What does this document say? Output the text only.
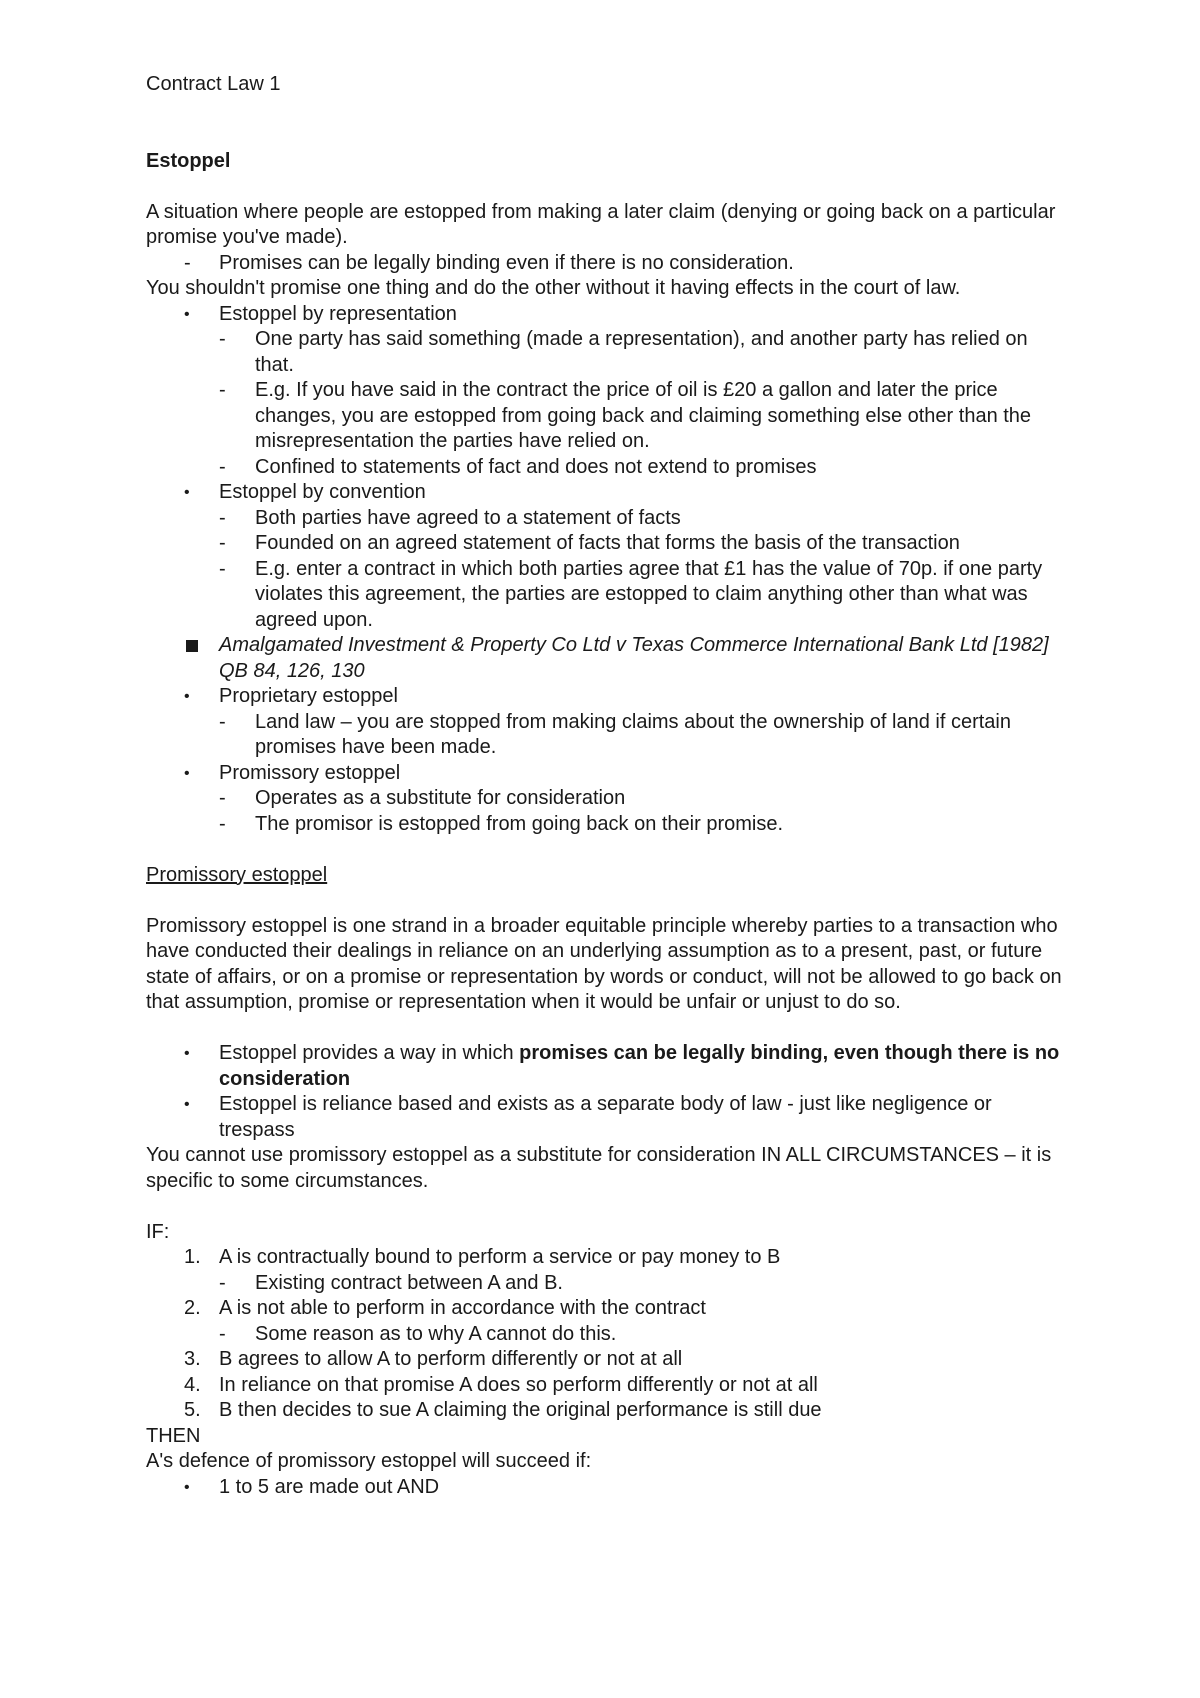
Contract Law 1

Estoppel

A situation where people are estopped from making a later claim (denying or going back on a particular promise you've made).

- Promises can be legally binding even if there is no consideration.

You shouldn't promise one thing and do the other without it having effects in the court of law.

• Estoppel by representation
- One party has said something (made a representation), and another party has relied on that.
- E.g. If you have said in the contract the price of oil is £20 a gallon and later the price changes, you are estopped from going back and claiming something else other than the misrepresentation the parties have relied on.
- Confined to statements of fact and does not extend to promises
• Estoppel by convention
- Both parties have agreed to a statement of facts
- Founded on an agreed statement of facts that forms the basis of the transaction
- E.g. enter a contract in which both parties agree that £1 has the value of 70p. if one party violates this agreement, the parties are estopped to claim anything other than what was agreed upon.
Amalgamated Investment & Property Co Ltd v Texas Commerce International Bank Ltd [1982] QB 84, 126, 130
• Proprietary estoppel
- Land law – you are stopped from making claims about the ownership of land if certain promises have been made.
• Promissory estoppel
- Operates as a substitute for consideration
- The promisor is estopped from going back on their promise.

Promissory estoppel

Promissory estoppel is one strand in a broader equitable principle whereby parties to a transaction who have conducted their dealings in reliance on an underlying assumption as to a present, past, or future state of affairs, or on a promise or representation by words or conduct, will not be allowed to go back on that assumption, promise or representation when it would be unfair or unjust to do so.

• Estoppel provides a way in which promises can be legally binding, even though there is no consideration
• Estoppel is reliance based and exists as a separate body of law - just like negligence or trespass

You cannot use promissory estoppel as a substitute for consideration IN ALL CIRCUMSTANCES – it is specific to some circumstances.

IF:

1. A is contractually bound to perform a service or pay money to B
- Existing contract between A and B.
2. A is not able to perform in accordance with the contract
- Some reason as to why A cannot do this.
3. B agrees to allow A to perform differently or not at all
4. In reliance on that promise A does so perform differently or not at all
5. B then decides to sue A claiming the original performance is still due

THEN

A's defence of promissory estoppel will succeed if:

• 1 to 5 are made out AND
